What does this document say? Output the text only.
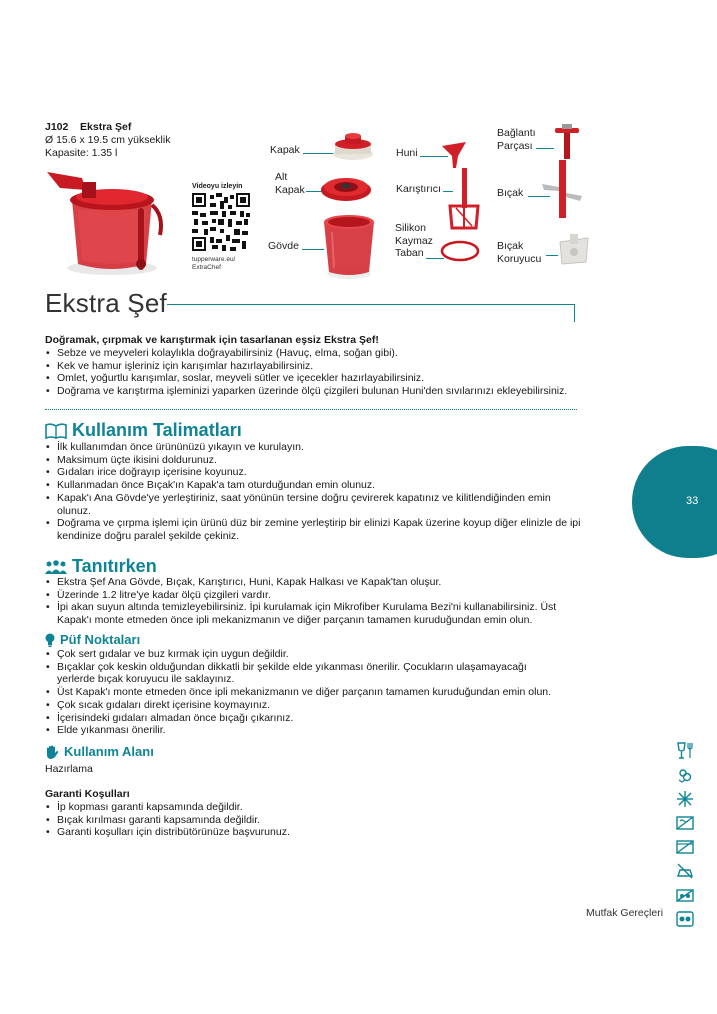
J102 Ekstra Şef
Ø 15.6 x 19.5 cm yükseklik
Kapasite: 1.35 l
Videoyu izleyin
tupperware.eu/
ExtraChef
Kapak
Alt
Kapak
Gövde
Huni
Karıştırıcı
Silikon
Kaymaz
Taban
Bağlantı
Parçası
Bıçak
Bıçak
Koruyucu
Ekstra Şef
Doğramak, çırpmak ve karıştırmak için tasarlanan eşsiz Ekstra Şef!
• Sebze ve meyveleri kolaylıkla doğrayabilirsiniz (Havuç, elma, soğan gibi).
• Kek ve hamur işleriniz için karışımlar hazırlayabilirsiniz.
• Omlet, yoğurtlu karışımlar, soslar, meyveli sütler ve içecekler hazırlayabilirsiniz.
• Doğrama ve karıştırma işleminizi yaparken üzerinde ölçü çizgileri bulunan Huni'den sıvılarınızı ekleyebilirsiniz.
Kullanım Talimatları
• İlk kullanımdan önce ürününüzü yıkayın ve kurulayın.
• Maksimum üçte ikisini doldurunuz.
• Gıdaları irice doğrayıp içerisine koyunuz.
• Kullanmadan önce Bıçak'ın Kapak'a tam oturduğundan emin olunuz.
• Kapak'ı Ana Gövde'ye yerleştiriniz, saat yönünün tersine doğru çevirerek kapatınız ve kilitlendiğinden emin olunuz.
• Doğrama ve çırpma işlemi için ürünü düz bir zemine yerleştirip bir elinizi Kapak üzerine koyup diğer elinizle de ipi kendinize doğru paralel şekilde çekiniz.
Tanıtırken
• Ekstra Şef Ana Gövde, Bıçak, Karıştırıcı, Huni, Kapak Halkası ve Kapak'tan oluşur.
• Üzerinde 1.2 litre'ye kadar ölçü çizgileri vardır.
• İpi akan suyun altında temizleyebilirsiniz. İpi kurulamak için Mikrofiber Kurulama Bezi'ni kullanabilirsiniz. Üst Kapak'ı monte etmeden önce ipli mekanizmanın ve diğer parçanın tamamen kuruduğundan emin olun.
Püf Noktaları
• Çok sert gıdalar ve buz kırmak için uygun değildir.
• Bıçaklar çok keskin olduğundan dikkatli bir şekilde elde yıkanması önerilir. Çocukların ulaşamayacağı yerlerde bıçak koruyucu ile saklayınız.
• Üst Kapak'ı monte etmeden önce ipli mekanizmanın ve diğer parçanın tamamen kuruduğundan emin olun.
• Çok sıcak gıdaları direkt içerisine koymayınız.
• İçerisindeki gıdaları almadan önce bıçağı çıkarınız.
• Elde yıkanması önerilir.
Kullanım Alanı
Hazırlama
Garanti Koşulları
• İp kopması garanti kapsamında değildir.
• Bıçak kırılması garanti kapsamında değildir.
• Garanti koşulları için distribütörünüze başvurunuz.
33
Mutfak Gereçleri
